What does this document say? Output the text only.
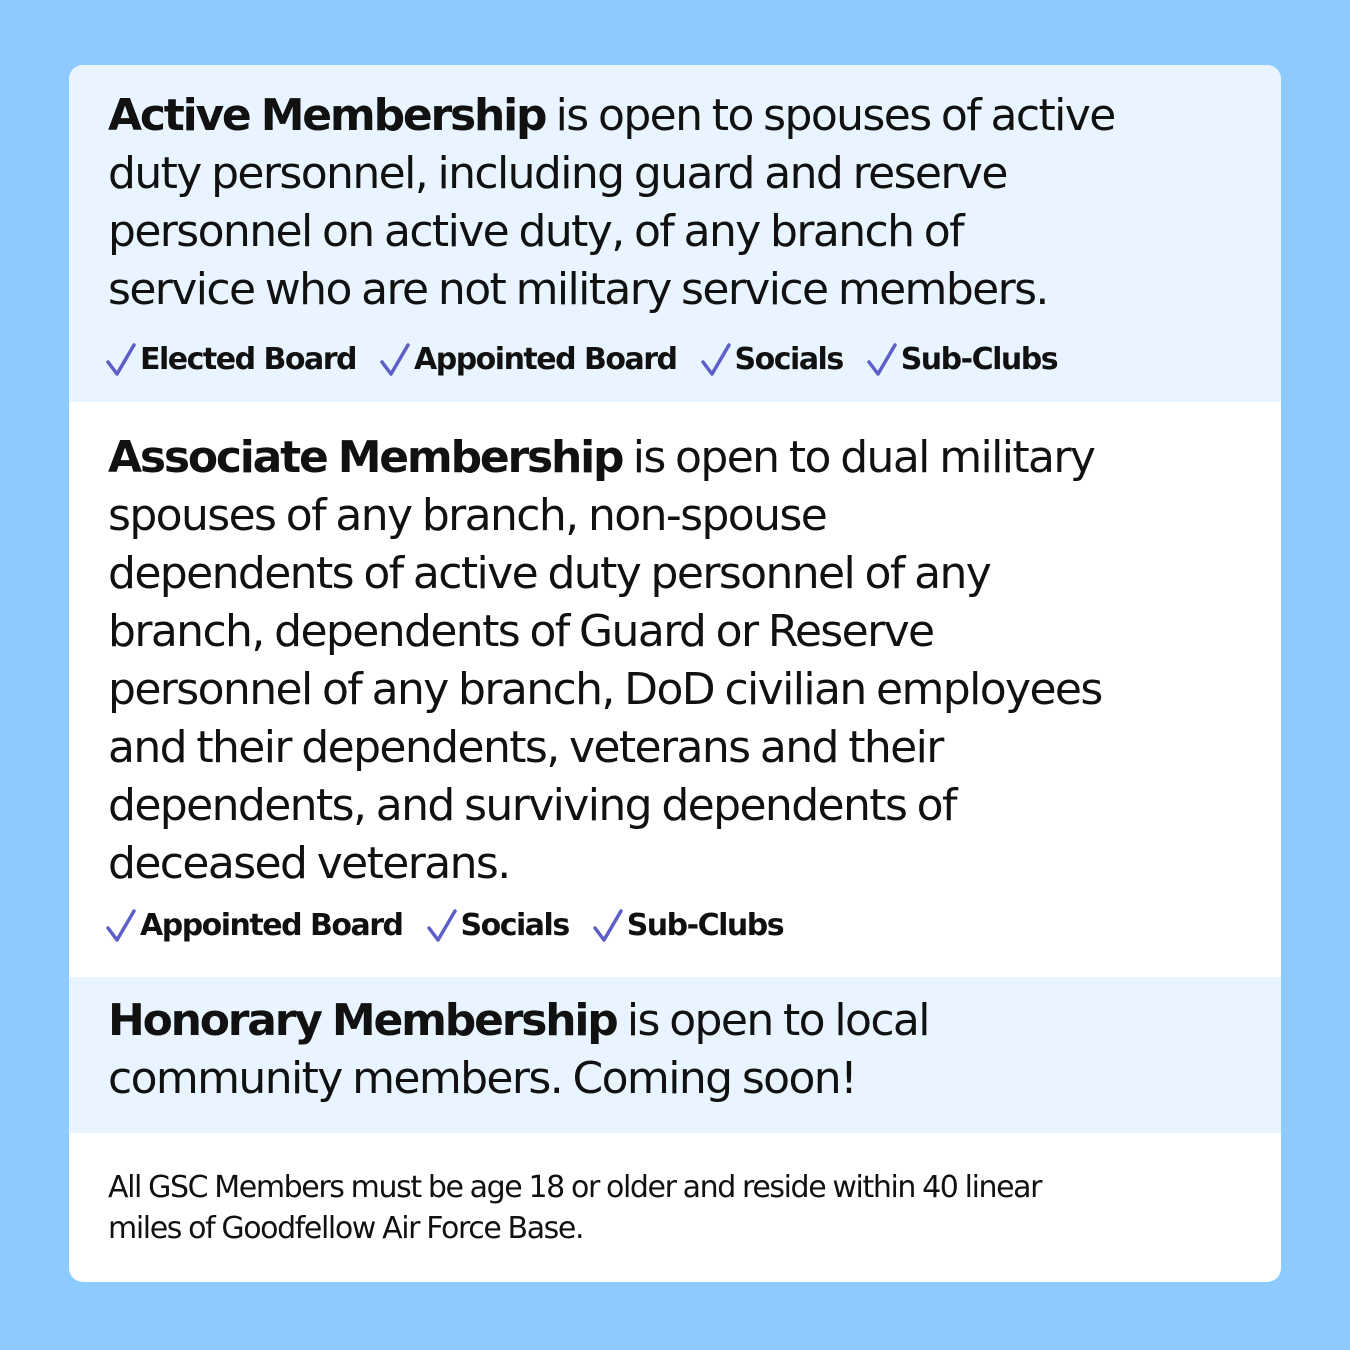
Active Membership is open to spouses of active
duty personnel, including guard and reserve
personnel on active duty, of any branch of
service who are not military service members.

Elected Board Appointed Board Socials Sub-Clubs

Associate Membership is open to dual military
spouses of any branch, non-spouse
dependents of active duty personnel of any
branch, dependents of Guard or Reserve
personnel of any branch, DoD civilian employees
and their dependents, veterans and their
dependents, and surviving dependents of
deceased veterans.

Appointed Board Socials Sub-Clubs

Honorary Membership is open to local
community members. Coming soon!

All GSC Members must be age 18 or older and reside within 40 linear
miles of Goodfellow Air Force Base.
